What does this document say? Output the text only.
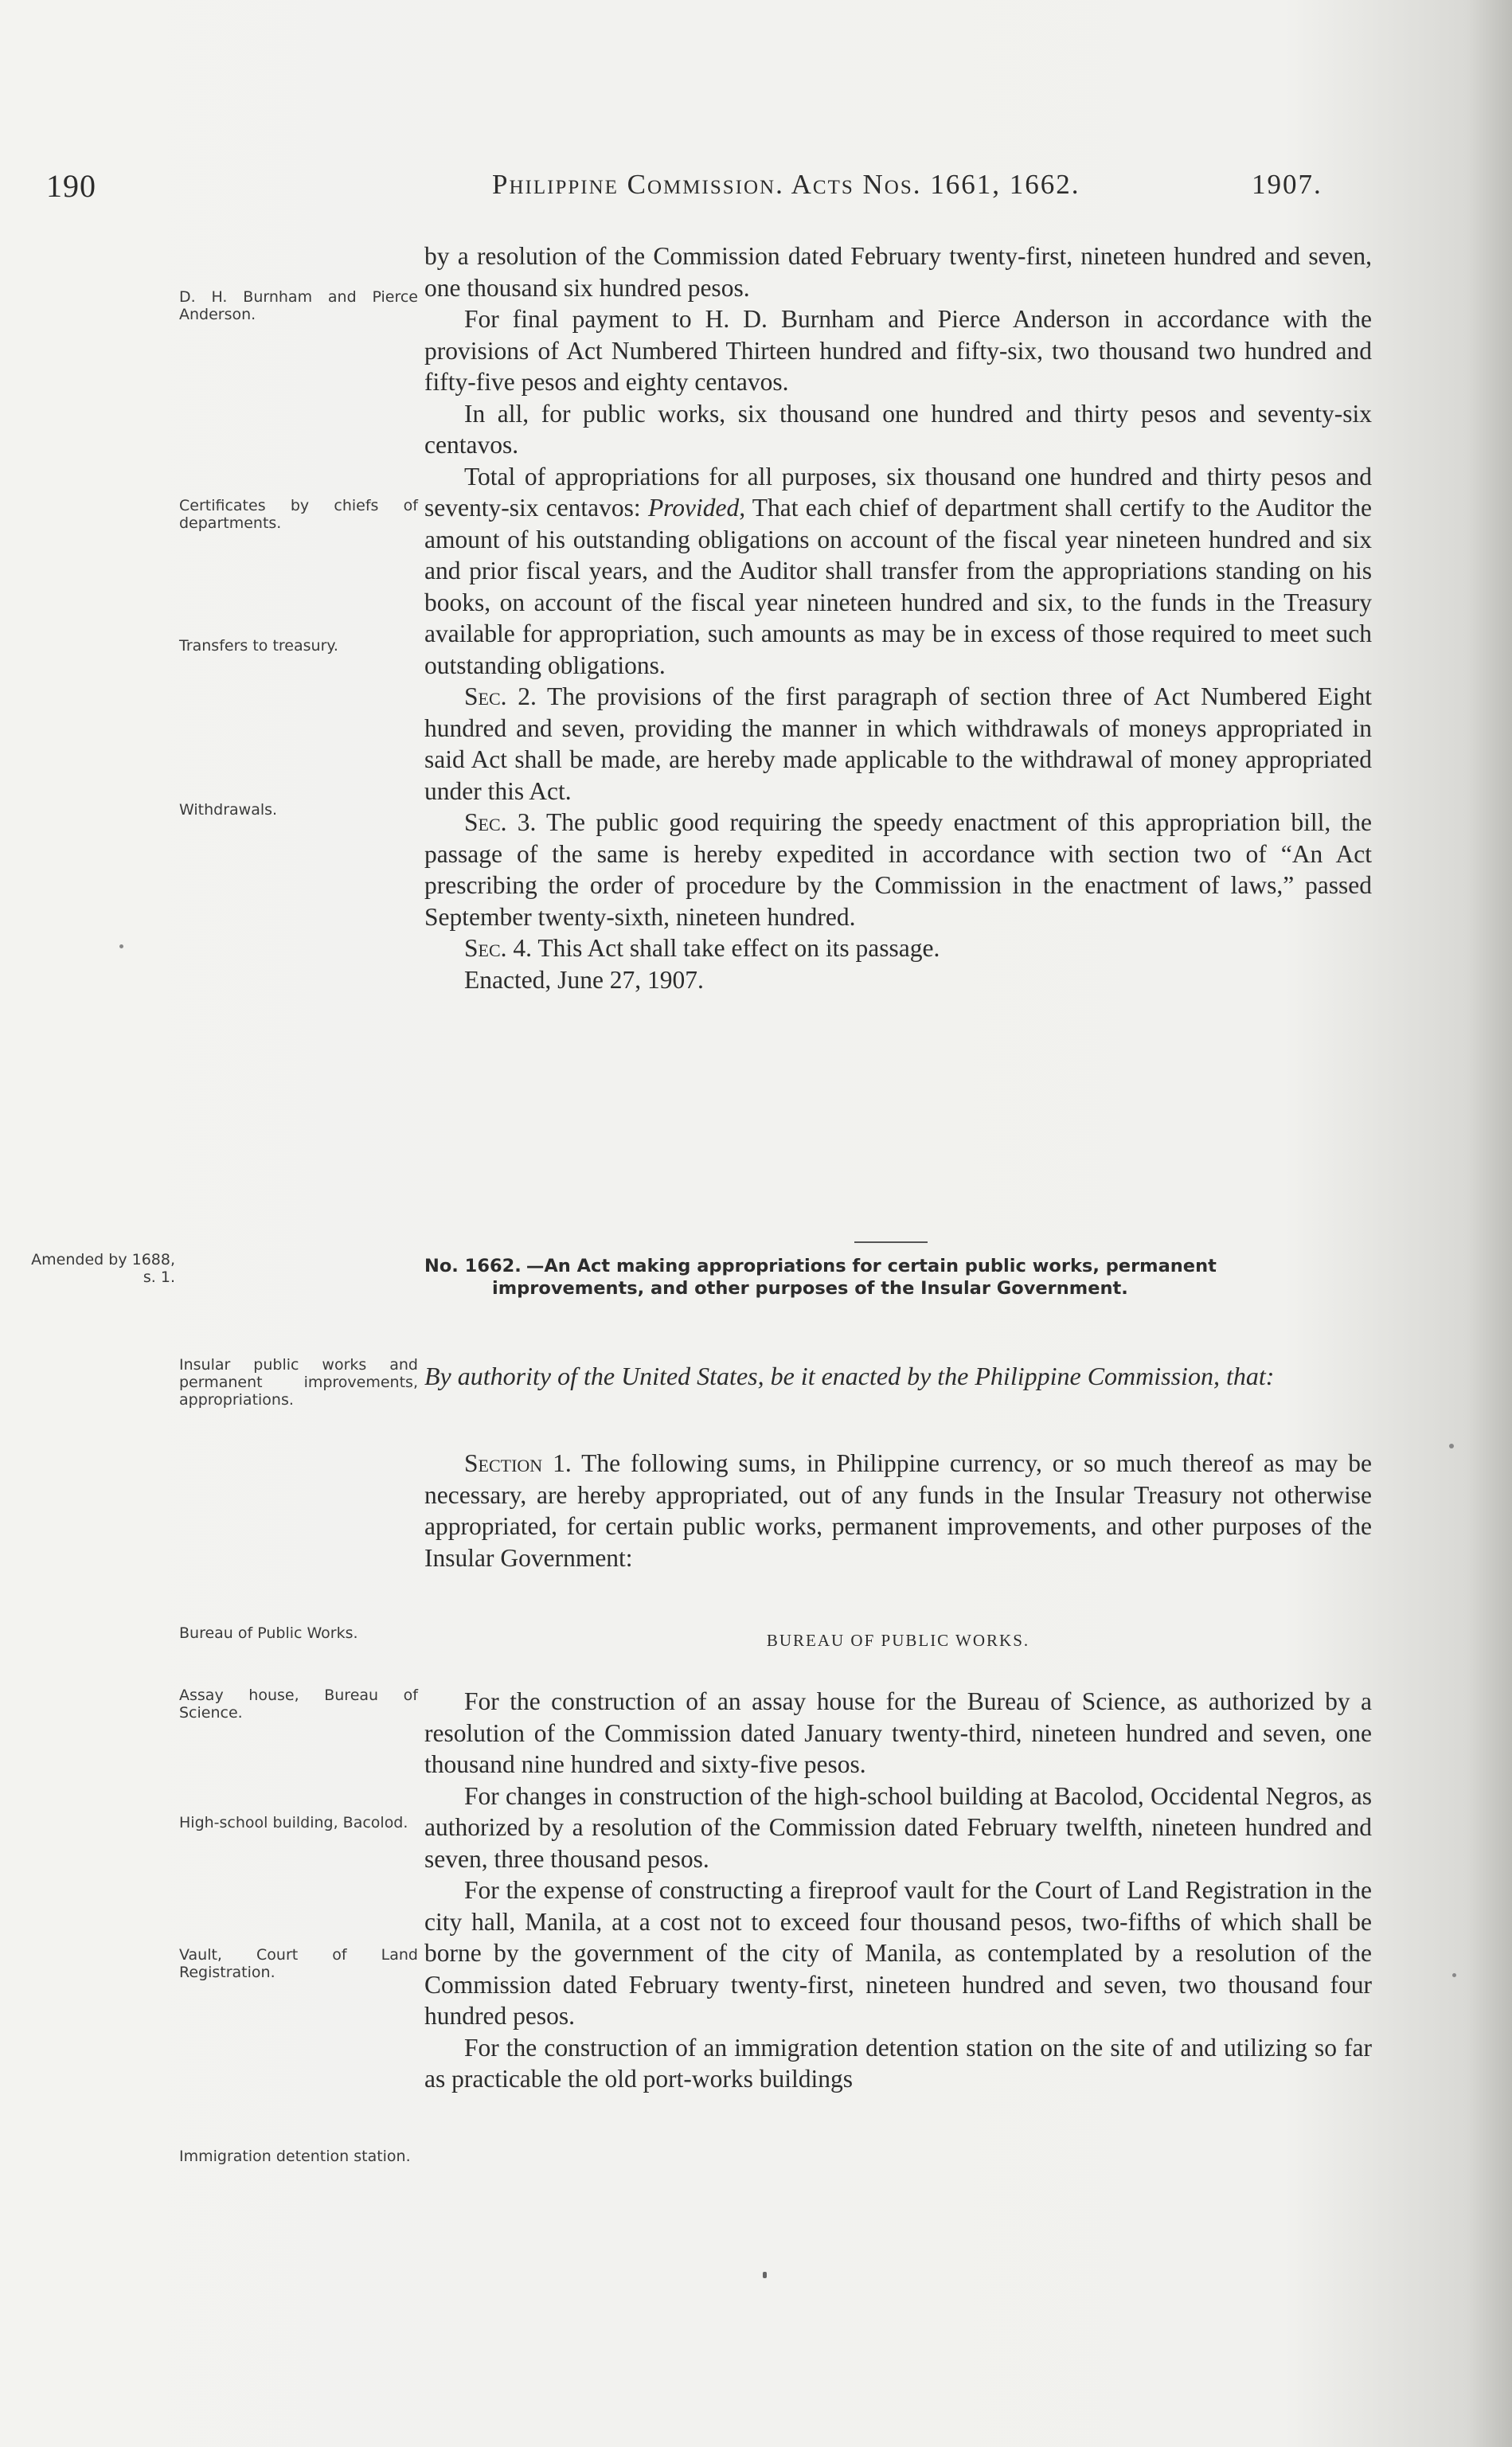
190	Philippine Commission. Acts Nos. 1661, 1662.	1907.
D. H. Burnham and Pierce Anderson.
Certificates by chiefs of departments.
Transfers to treasury.
Withdrawals.
Amended by 1688, s. 1.
Insular public works and permanent improvements, appropriations.
Bureau of Public Works.
Assay house, Bureau of Science.
High-school building, Bacolod.
Vault, Court of Land Registration.
Immigration detention station.

by a resolution of the Commission dated February twenty-first, nineteen hundred and seven, one thousand six hundred pesos.

For final payment to H. D. Burnham and Pierce Anderson in accordance with the provisions of Act Numbered Thirteen hundred and fifty-six, two thousand two hundred and fifty-five pesos and eighty centavos.

In all, for public works, six thousand one hundred and thirty pesos and seventy-six centavos.

Total of appropriations for all purposes, six thousand one hundred and thirty pesos and seventy-six centavos: Provided, That each chief of department shall certify to the Auditor the amount of his outstanding obligations on account of the fiscal year nineteen hundred and six and prior fiscal years, and the Auditor shall transfer from the appropriations standing on his books, on account of the fiscal year nineteen hundred and six, to the funds in the Treasury available for appropriation, such amounts as may be in excess of those required to meet such outstanding obligations.

Sec. 2. The provisions of the first paragraph of section three of Act Numbered Eight hundred and seven, providing the manner in which withdrawals of moneys appropriated in said Act shall be made, are hereby made applicable to the withdrawal of money appropriated under this Act.

Sec. 3. The public good requiring the speedy enactment of this appropriation bill, the passage of the same is hereby expedited in accordance with section two of “An Act prescribing the order of procedure by the Commission in the enactment of laws,” passed September twenty-sixth, nineteen hundred.

Sec. 4. This Act shall take effect on its passage.

Enacted, June 27, 1907.

No. 1662. —An Act making appropriations for certain public works, permanent improvements, and other purposes of the Insular Government.
By authority of the United States, be it enacted by the Philippine Commission, that:

Section 1. The following sums, in Philippine currency, or so much thereof as may be necessary, are hereby appropriated, out of any funds in the Insular Treasury not otherwise appropriated, for certain public works, permanent improvements, and other purposes of the Insular Government:

BUREAU OF PUBLIC WORKS.

For the construction of an assay house for the Bureau of Science, as authorized by a resolution of the Commission dated January twenty-third, nineteen hundred and seven, one thousand nine hundred and sixty-five pesos.

For changes in construction of the high-school building at Bacolod, Occidental Negros, as authorized by a resolution of the Commission dated February twelfth, nineteen hundred and seven, three thousand pesos.

For the expense of constructing a fireproof vault for the Court of Land Registration in the city hall, Manila, at a cost not to exceed four thousand pesos, two-fifths of which shall be borne by the government of the city of Manila, as contemplated by a resolution of the Commission dated February twenty-first, nineteen hundred and seven, two thousand four hundred pesos.

For the construction of an immigration detention station on the site of and utilizing so far as practicable the old port-works buildings
